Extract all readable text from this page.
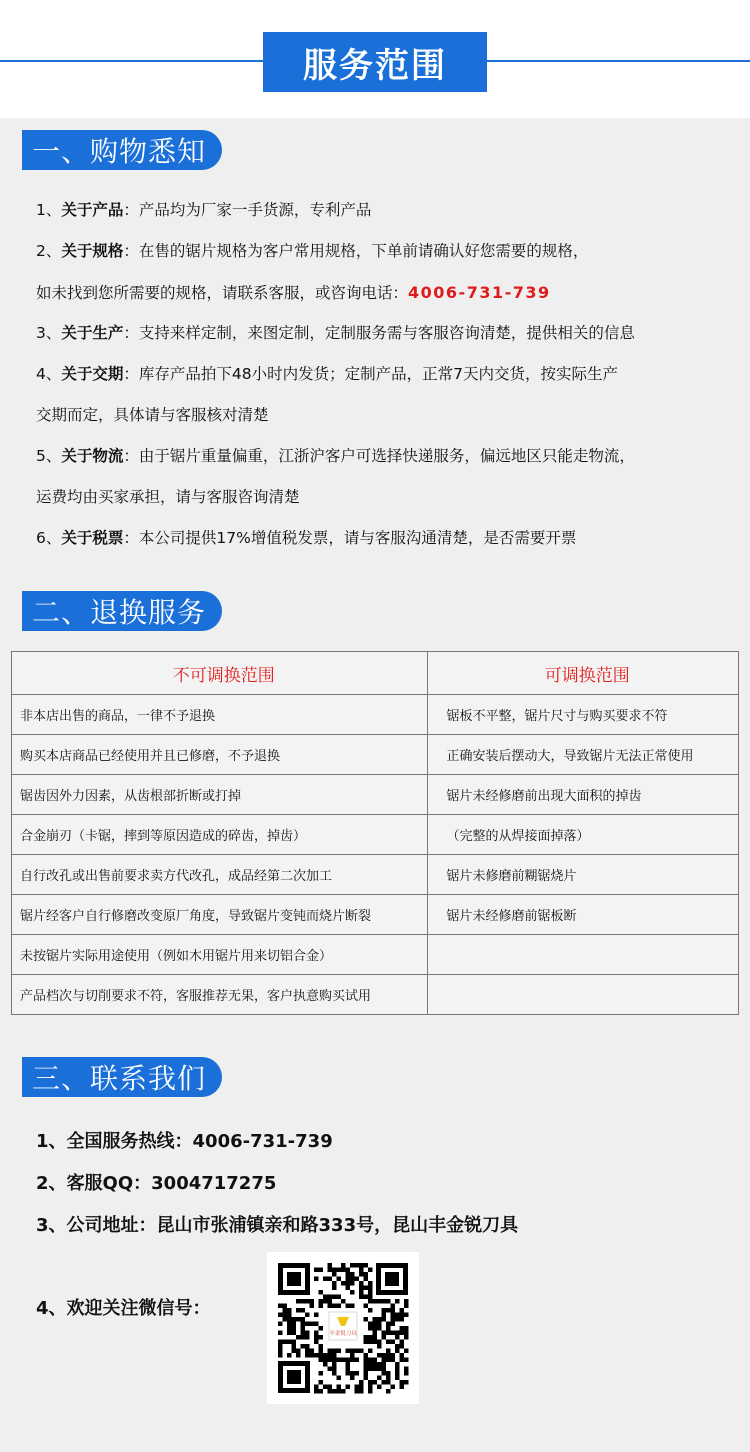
服务范围
一、购物悉知
1、关于产品：产品均为厂家一手货源，专利产品
2、关于规格：在售的锯片规格为客户常用规格，下单前请确认好您需要的规格，
如未找到您所需要的规格，请联系客服，或咨询电话：4006-731-739
3、关于生产：支持来样定制，来图定制，定制服务需与客服咨询清楚，提供相关的信息
4、关于交期：库存产品拍下48小时内发货；定制产品，正常7天内交货，按实际生产
交期而定，具体请与客服核对清楚
5、关于物流：由于锯片重量偏重，江浙沪客户可选择快递服务，偏远地区只能走物流，
运费均由买家承担，请与客服咨询清楚
6、关于税票：本公司提供17%增值税发票，请与客服沟通清楚，是否需要开票
二、退换服务
不可调换范围	可调换范围
非本店出售的商品，一律不予退换	锯板不平整，锯片尺寸与购买要求不符
购买本店商品已经使用并且已修磨，不予退换	正确安装后摆动大，导致锯片无法正常使用
锯齿因外力因素，从齿根部折断或打掉	锯片未经修磨前出现大面积的掉齿
合金崩刃（卡锯，摔到等原因造成的碎齿，掉齿）	（完整的从焊接面掉落）
自行改孔或出售前要求卖方代改孔，成品经第二次加工	锯片未修磨前糊锯烧片
锯片经客户自行修磨改变原厂角度，导致锯片变钝而烧片断裂	锯片未经修磨前锯板断
未按锯片实际用途使用（例如木用锯片用来切铝合金）	
产品档次与切削要求不符，客服推荐无果，客户执意购买试用	
三、联系我们
1、全国服务热线：4006-731-739
2、客服QQ：3004717275
3、公司地址：昆山市张浦镇亲和路333号，昆山丰金锐刀具
4、欢迎关注微信号：
丰金锐刀具
